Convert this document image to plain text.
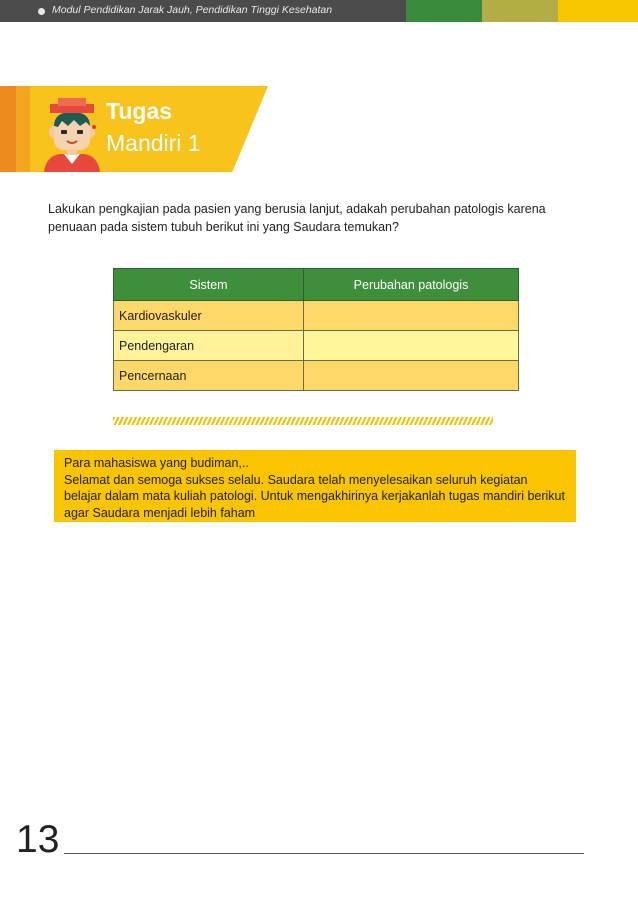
Modul Pendidikan Jarak Jauh, Pendidikan Tinggi Kesehatan
Tugas
Mandiri 1
Lakukan pengkajian pada pasien yang berusia lanjut, adakah perubahan patologis karena penuaan pada sistem tubuh berikut ini yang Saudara temukan?
Sistem	Perubahan patologis
Kardiovaskuler	
Pendengaran	
Pencernaan	
Para mahasiswa yang budiman,..
Selamat dan semoga sukses selalu. Saudara telah menyelesaikan seluruh kegiatan belajar dalam mata kuliah patologi. Untuk mengakhirinya kerjakanlah tugas mandiri berikut agar Saudara menjadi lebih faham
13
